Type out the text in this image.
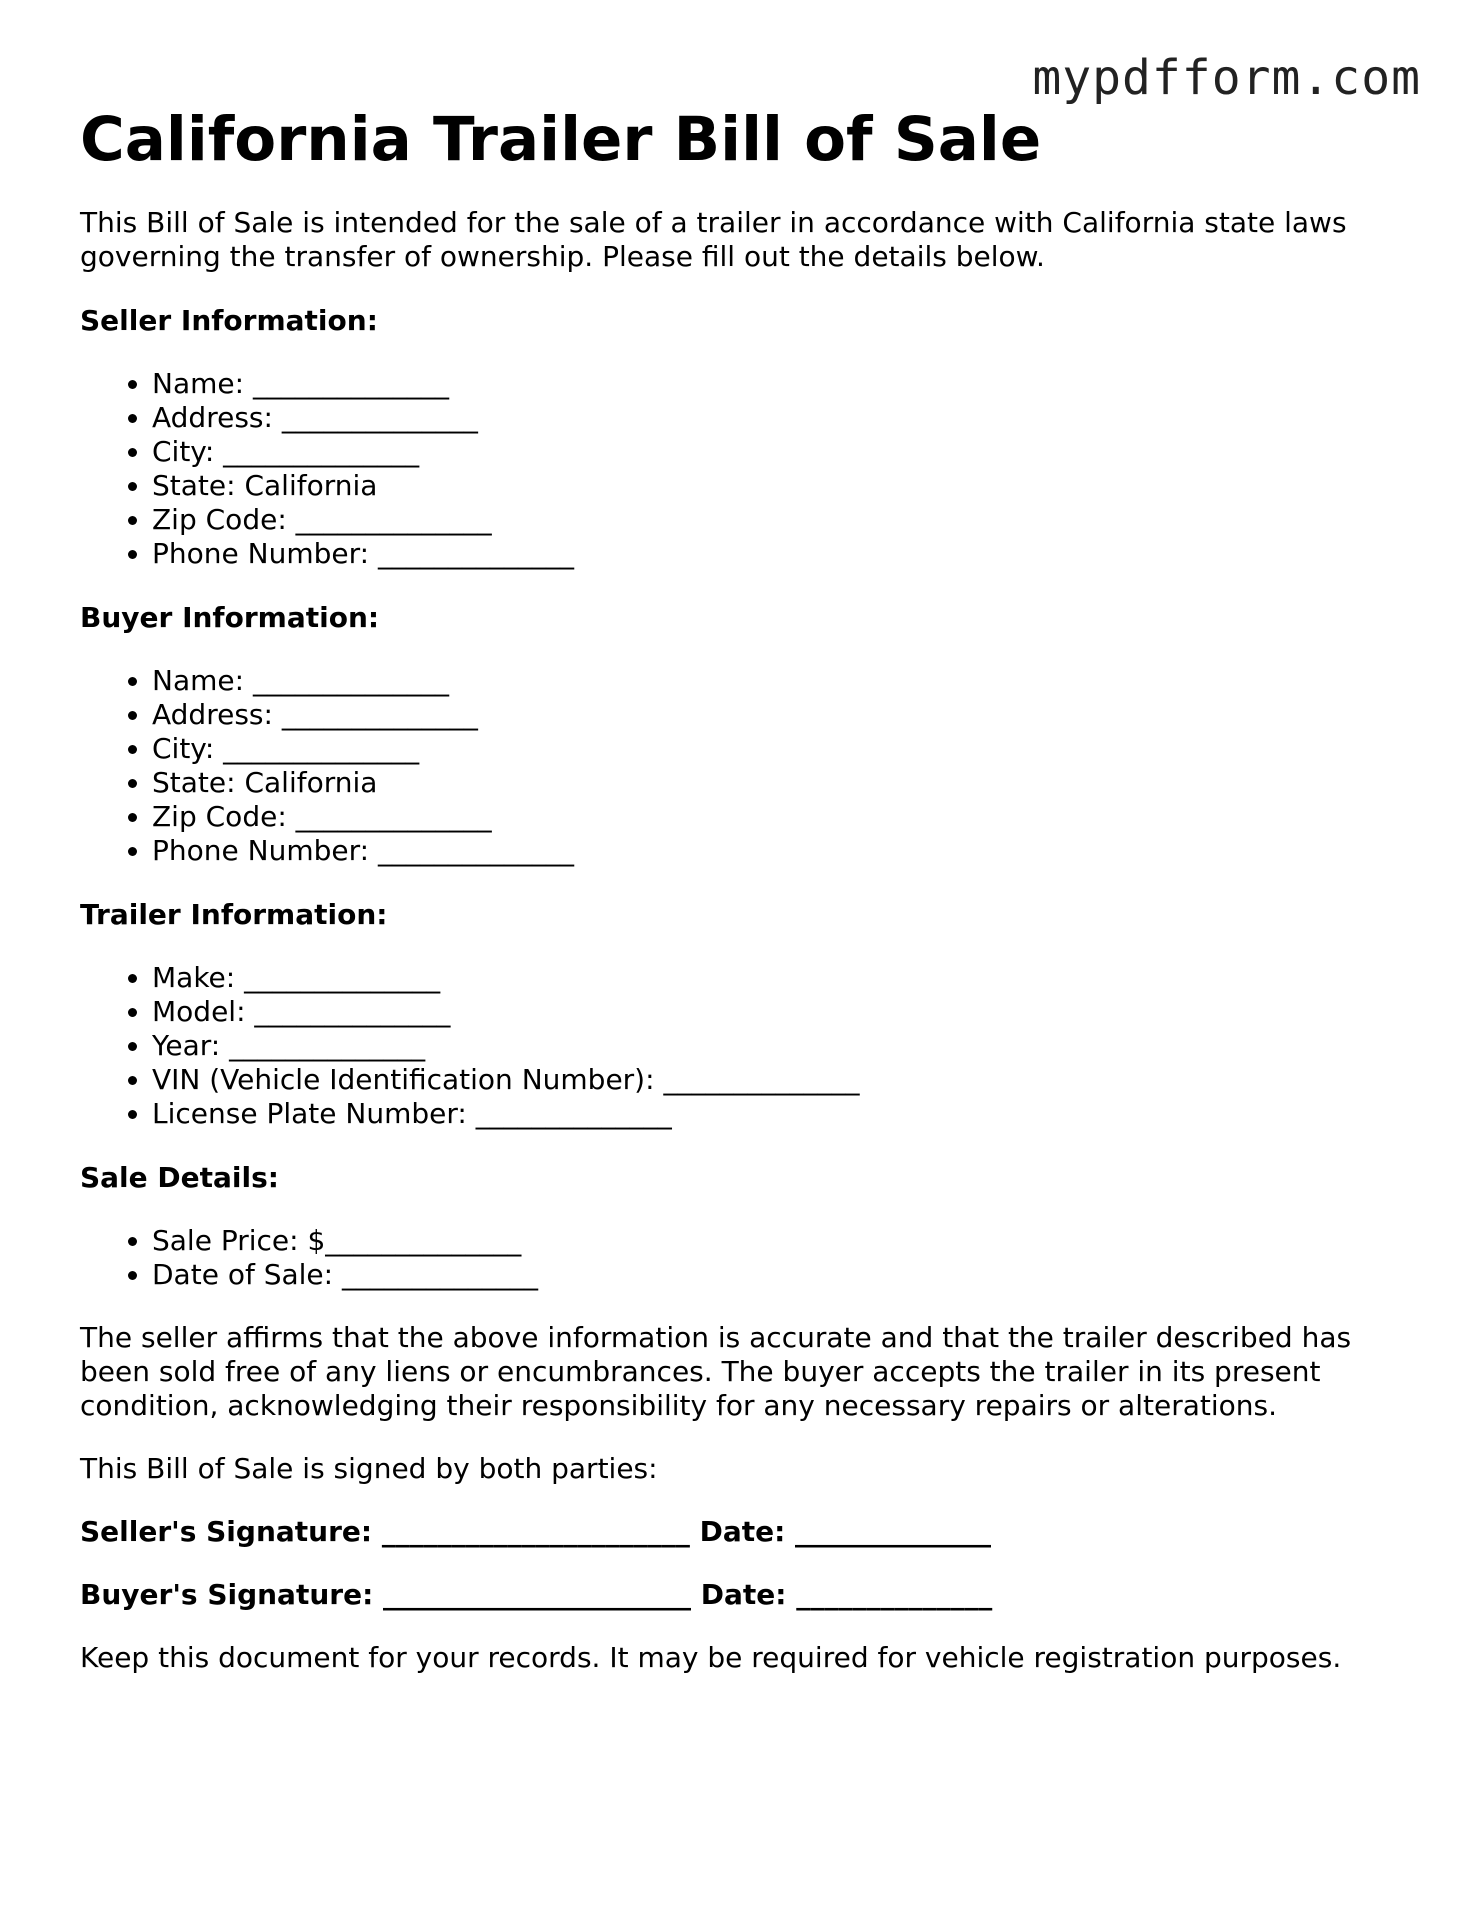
mypdfform.com
California Trailer Bill of Sale

This Bill of Sale is intended for the sale of a trailer in accordance with California state laws governing the transfer of ownership. Please fill out the details below.

Seller Information:
• Name: ______________
• Address: ______________
• City: ______________
• State: California
• Zip Code: ______________
• Phone Number: ______________
Buyer Information:
• Name: ______________
• Address: ______________
• City: ______________
• State: California
• Zip Code: ______________
• Phone Number: ______________
Trailer Information:
• Make: ______________
• Model: ______________
• Year: ______________
• VIN (Vehicle Identification Number): ______________
• License Plate Number: ______________
Sale Details:
• Sale Price: $______________
• Date of Sale: ______________

The seller affirms that the above information is accurate and that the trailer described has been sold free of any liens or encumbrances. The buyer accepts the trailer in its present condition, acknowledging their responsibility for any necessary repairs or alterations.

This Bill of Sale is signed by both parties:

Seller's Signature: ______________________ Date: ______________
Buyer's Signature: ______________________ Date: ______________

Keep this document for your records. It may be required for vehicle registration purposes.
